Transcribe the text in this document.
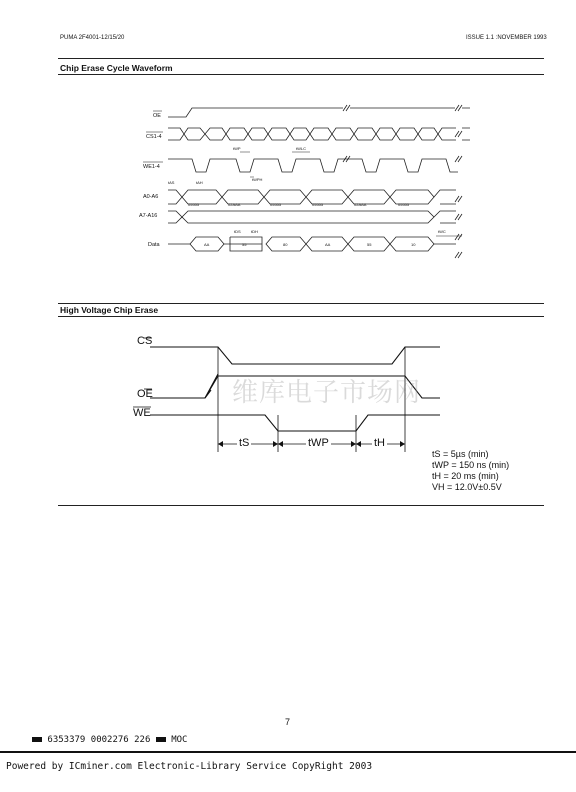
PUMA 2F4001-12/15/20	ISSUE 1.1 :NOVEMBER 1993
Chip Erase Cycle Waveform
OE
CS1-4
WE1-4
A0-A6
A7-A16
Data
tWP
tWPH
tWLC
05555	02AAA	05555	05555	02AAA	05555
tAS	tAH
AA	55	80	AA	55	10
tDS	tDH	tWC
CS
OE
WE
tS	tWP	tH
维库电子市场网
High Voltage Chip Erase
tS = 5µs (min)
tWP = 150 ns (min)
tH = 20 ms (min)
VH = 12.0V±0.5V
7
6353379 0002276 226 MOC
Powered by ICminer.com Electronic-Library Service CopyRight 2003
